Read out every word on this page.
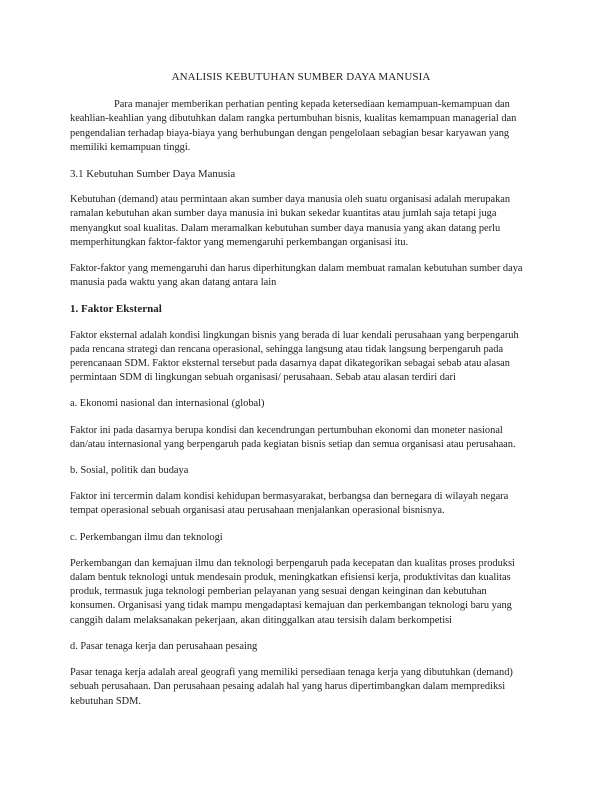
ANALISIS KEBUTUHAN SUMBER DAYA MANUSIA

Para manajer memberikan perhatian penting kepada ketersediaan kemampuan-kemampuan dan keahlian-keahlian yang dibutuhkan dalam rangka pertumbuhan bisnis, kualitas kemampuan managerial dan pengendalian terhadap biaya-biaya yang berhubungan dengan pengelolaan sebagian besar karyawan yang memiliki kemampuan tinggi.

3.1 Kebutuhan Sumber Daya Manusia

Kebutuhan (demand) atau permintaan akan sumber daya manusia oleh suatu organisasi adalah merupakan ramalan kebutuhan akan sumber daya manusia ini bukan sekedar kuantitas atau jumlah saja tetapi juga menyangkut soal kualitas. Dalam meramalkan kebutuhan sumber daya manusia yang akan datang perlu memperhitungkan faktor-faktor yang memengaruhi perkembangan organisasi itu.

Faktor-faktor yang memengaruhi dan harus diperhitungkan dalam membuat ramalan kebutuhan sumber daya manusia pada waktu yang akan datang antara lain

1. Faktor Eksternal

Faktor eksternal adalah kondisi lingkungan bisnis yang berada di luar kendali perusahaan yang berpengaruh pada rencana strategi dan rencana operasional, sehingga langsung atau tidak langsung berpengaruh pada perencanaan SDM. Faktor eksternal tersebut pada dasarnya dapat dikategorikan sebagai sebab atau alasan permintaan SDM di lingkungan sebuah organisasi/ perusahaan. Sebab atau alasan terdiri dari

a. Ekonomi nasional dan internasional (global)

Faktor ini pada dasarnya berupa kondisi dan kecendrungan pertumbuhan ekonomi dan moneter nasional dan/atau internasional yang berpengaruh pada kegiatan bisnis setiap dan semua organisasi atau perusahaan.

b. Sosial, politik dan budaya

Faktor ini tercermin dalam kondisi kehidupan bermasyarakat, berbangsa dan bernegara di wilayah negara tempat operasional sebuah organisasi atau perusahaan menjalankan operasional bisnisnya.

c. Perkembangan ilmu dan teknologi

Perkembangan dan kemajuan ilmu dan teknologi berpengaruh pada kecepatan dan kualitas proses produksi dalam bentuk teknologi untuk mendesain produk, meningkatkan efisiensi kerja, produktivitas dan kualitas produk, termasuk juga teknologi pemberian pelayanan yang sesuai dengan keinginan dan kebutuhan konsumen. Organisasi yang tidak mampu mengadaptasi kemajuan dan perkembangan teknologi baru yang canggih dalam melaksanakan pekerjaan, akan ditinggalkan atau tersisih dalam berkompetisi

d. Pasar tenaga kerja dan perusahaan pesaing

Pasar tenaga kerja adalah areal geografi yang memiliki persediaan tenaga kerja yang dibutuhkan (demand) sebuah perusahaan. Dan perusahaan pesaing adalah hal yang harus dipertimbangkan dalam memprediksi kebutuhan SDM.
